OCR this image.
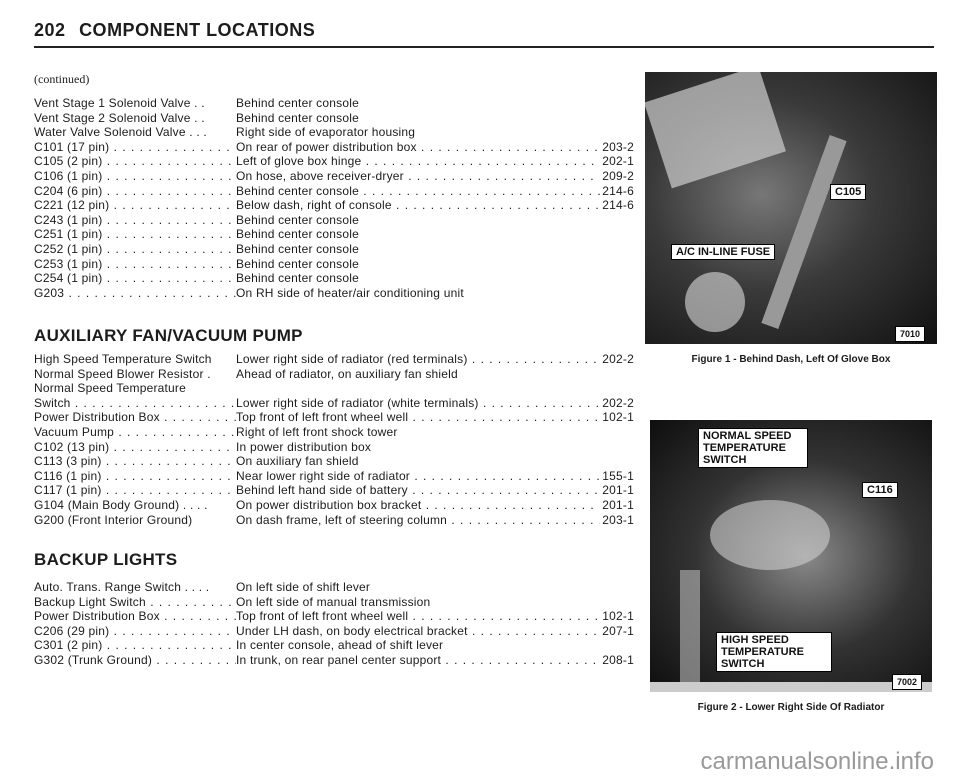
202 COMPONENT LOCATIONS
(continued)
Vent Stage 1 Solenoid Valve . .	Behind center console
Vent Stage 2 Solenoid Valve . .	Behind center console
Water Valve Solenoid Valve . . .	Right side of evaporator housing
C101 (17 pin) . . .	On rear of power distribution box . . .	203-2
C105 (2 pin) . . .	Left of glove box hinge . . .	202-1
C106 (1 pin) . . .	On hose, above receiver-dryer . . .	209-2
C204 (6 pin) . . .	Behind center console . . .	214-6
C221 (12 pin) . . .	Below dash, right of console . . .	214-6
C243 (1 pin) . . .	Behind center console
C251 (1 pin) . . .	Behind center console
C252 (1 pin) . . .	Behind center console
C253 (1 pin) . . .	Behind center console
C254 (1 pin) . . .	Behind center console
G203 . . .	On RH side of heater/air conditioning unit
AUXILIARY FAN/VACUUM PUMP
High Speed Temperature Switch	Lower right side of radiator (red terminals) . . .	202-2
Normal Speed Blower Resistor .	Ahead of radiator, on auxiliary fan shield
Normal Speed Temperature
Switch . . .	Lower right side of radiator (white terminals) . . .	202-2
Power Distribution Box . . .	Top front of left front wheel well . . .	102-1
Vacuum Pump . . .	Right of left front shock tower
C102 (13 pin) . . .	In power distribution box
C113 (3 pin) . . .	On auxiliary fan shield
C116 (1 pin) . . .	Near lower right side of radiator . . .	155-1
C117 (1 pin) . . .	Behind left hand side of battery . . .	201-1
G104 (Main Body Ground) . . . .	On power distribution box bracket . . .	201-1
G200 (Front Interior Ground)	On dash frame, left of steering column . . .	203-1
BACKUP LIGHTS
Auto. Trans. Range Switch . . . .	On left side of shift lever
Backup Light Switch . . .	On left side of manual transmission
Power Distribution Box . . .	Top front of left front wheel well . . .	102-1
C206 (29 pin) . . .	Under LH dash, on body electrical bracket . . .	207-1
C301 (2 pin) . . .	In center console, ahead of shift lever
G302 (Trunk Ground) . . .	In trunk, on rear panel center support . . .	208-1
C105
A/C IN-LINE FUSE
7010
Figure 1 - Behind Dash, Left Of Glove Box
NORMAL SPEED TEMPERATURE SWITCH
C116
HIGH SPEED TEMPERATURE SWITCH
7002
Figure 2 - Lower Right Side Of Radiator
carmanualsonline.info
